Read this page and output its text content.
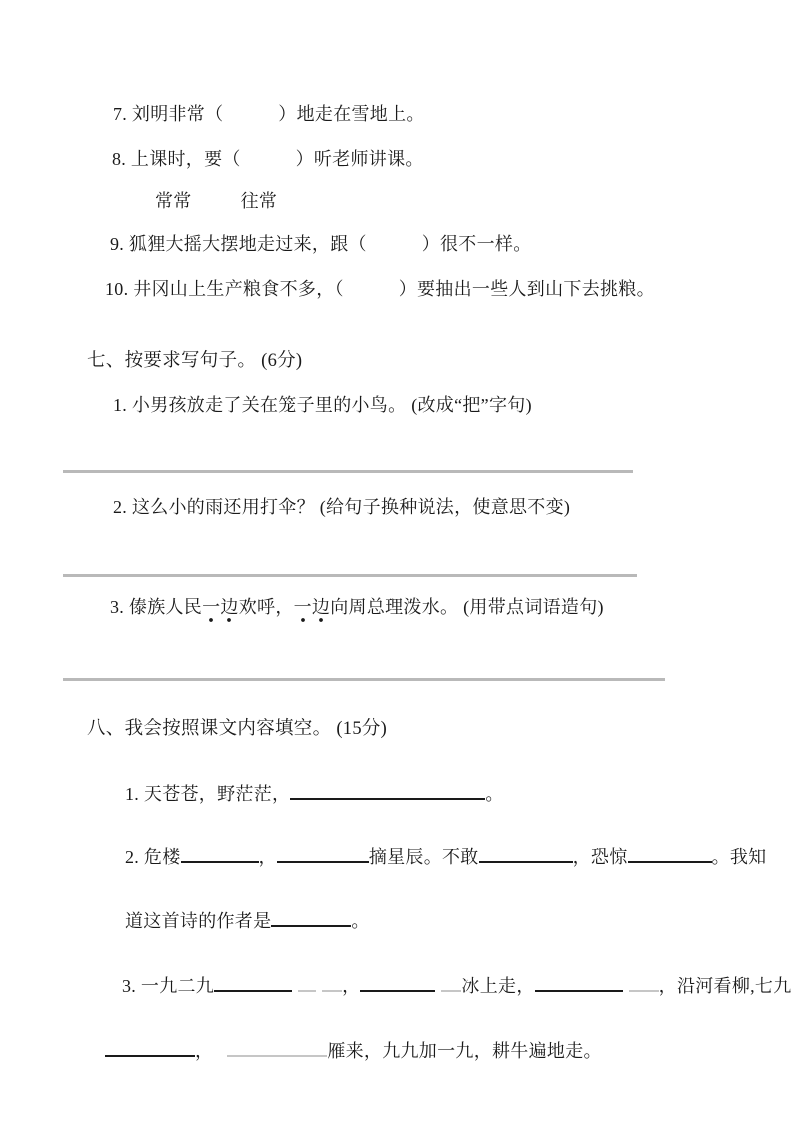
7. 刘明非常（　　　）地走在雪地上。
8. 上课时，要（　　　）听老师讲课。
常常	往常
9. 狐狸大摇大摆地走过来，跟（　　　）很不一样。
10. 井冈山上生产粮食不多，（　　　）要抽出一些人到山下去挑粮。
七、按要求写句子。 (6分)
1. 小男孩放走了关在笼子里的小鸟。 (改成“把”字句)
2. 这么小的雨还用打伞？ (给句子换种说法，使意思不变)
3. 傣族人民一边欢呼，一边向周总理泼水。 (用带点词语造句)
八、我会按照课文内容填空。 (15分)
1. 天苍苍，野茫茫，	。
2. 危楼	，	摘星辰。不敢	，恐惊	。我知
道这首诗的作者是	。
3. 一九二九	，	冰上走，	，沿河看柳,七九
，	雁来，九九加一九，耕牛遍地走。
